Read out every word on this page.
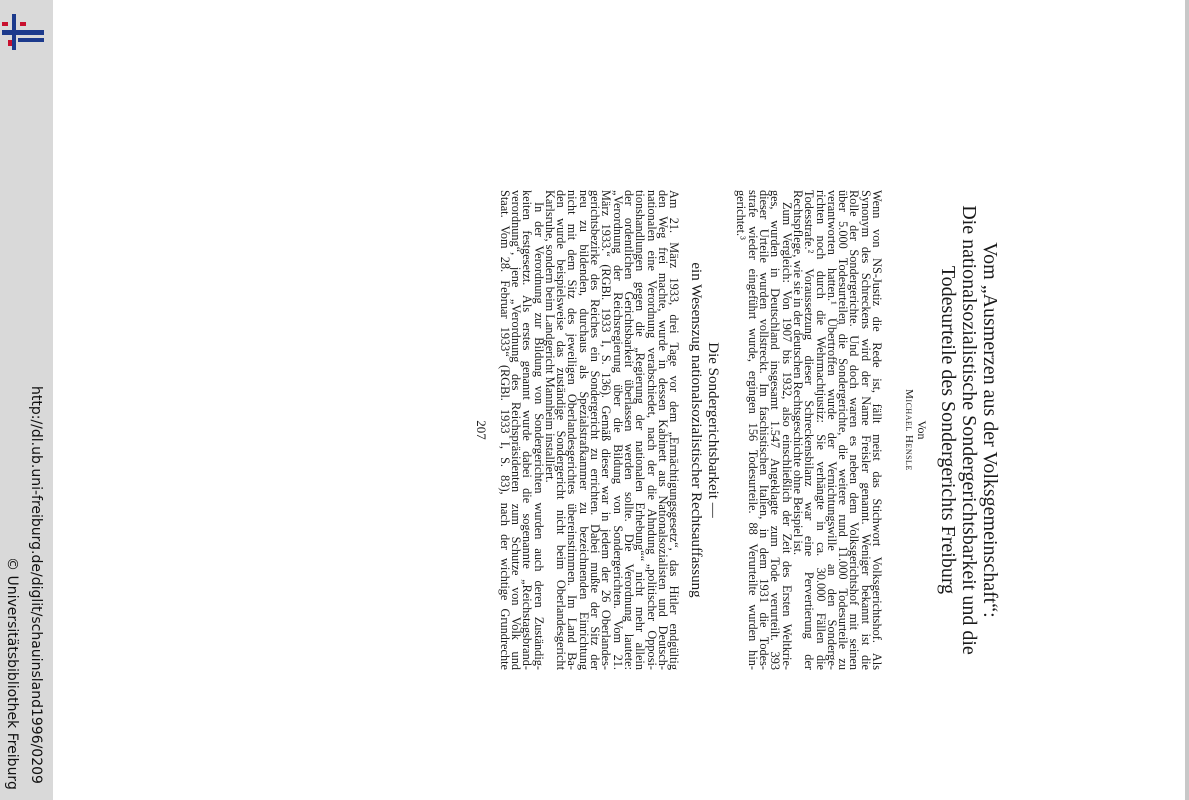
http://dl.ub.uni-freiburg.de/diglit/schauinsland1996/0209
© Universitätsbibliothek Freiburg

Vom „Ausmerzen aus der Volksgemeinschaft“:

Die nationalsozialistische Sondergerichtsbarkeit und die

Todesurteile des Sondergerichts Freiburg

Von
Michael Hensle
Wenn von NS-Justiz die Rede ist, fällt meist das Stichwort Volksgerichtshof. Als
Synonym des Schreckens wird der Name Freisler genannt. Weniger bekannt ist die
Rolle der Sondergerichte. Und doch waren es neben dem Volksgerichtshof mit seinen
über 5.000 Todesurteilen die Sondergerichte, die weitere rund 11.000 Todesurteile zu
verantworten hatten.¹ Übertroffen wurde der Vernichtungswille an den Sonderge-
richten noch durch die Wehrmachtjustiz: Sie verhängte in ca. 30.000 Fällen die
Todesstrafe.² Voraussetzung dieser Schreckensbilanz war eine Pervertierung der
Rechtspflege, wie sie in der deutschen Rechtsgeschichte ohne Beispiel ist.
Zum Vergleich: Von 1907 bis 1932, also einschließlich der Zeit des Ersten Weltkrie-
ges, wurden in Deutschland insgesamt 1.547 Angeklagte zum Tode verurteilt. 393
dieser Urteile wurden vollstreckt. Im faschistischen Italien, in dem 1931 die Todes-
strafe wieder eingeführt wurde, ergingen 156 Todesurteile. 88 Verurteilte wurden hin-
gerichtet.³

Die Sondergerichtsbarkeit —

ein Wesenszug nationalsozialistischer Rechtsauffassung

Am 21. März 1933, drei Tage vor dem „Ermächtigungsgesetz“, das Hitler endgültig
den Weg frei machte, wurde in dessen Kabinett aus Nationalsozialisten und Deutsch-
nationalen eine Verordnung verabschiedet, nach der die Ahndung „politischer Opposi-
tionshandlungen gegen die „Regierung der nationalen Erhebung““ nicht mehr allein
der ordentlichen Gerichtsbarkeit überlassen werden sollte. Die Verordnung lautete:
„Verordnung der Reichsregierung über die Bildung von Sondergerichten. Vom 21.
März 1933.“ (RGBl. 1933 I, S. 136). Gemäß dieser war in jedem der 26 Oberlandes-
gerichtsbezirke des Reiches ein Sondergericht zu errichten. Dabei mußte der Sitz der
neu zu bildenden, durchaus als Spezialstrafkammer zu bezeichnenden Einrichtung
nicht mit dem Sitz des jeweiligen Oberlandesgerichtes übereinstimmen. Im Land Ba-
den wurde beispielsweise das zuständige Sondergericht nicht beim Oberlandesgericht
Karlsruhe, sondern beim Landgericht Mannheim installiert.
In der Verordnung zur Bildung von Sondergerichten wurden auch deren Zuständig-
keiten festgesetzt. Als erstes genannt wurde dabei die sogenannte „Reichstagsbrand-
verordnung“, jene „Verordnung des Reichspräsidenten zum Schutze von Volk und
Staat. Vom 28. Februar 1933“ (RGBl. 1933 I, S. 83), nach der wichtige Grundrechte
207
